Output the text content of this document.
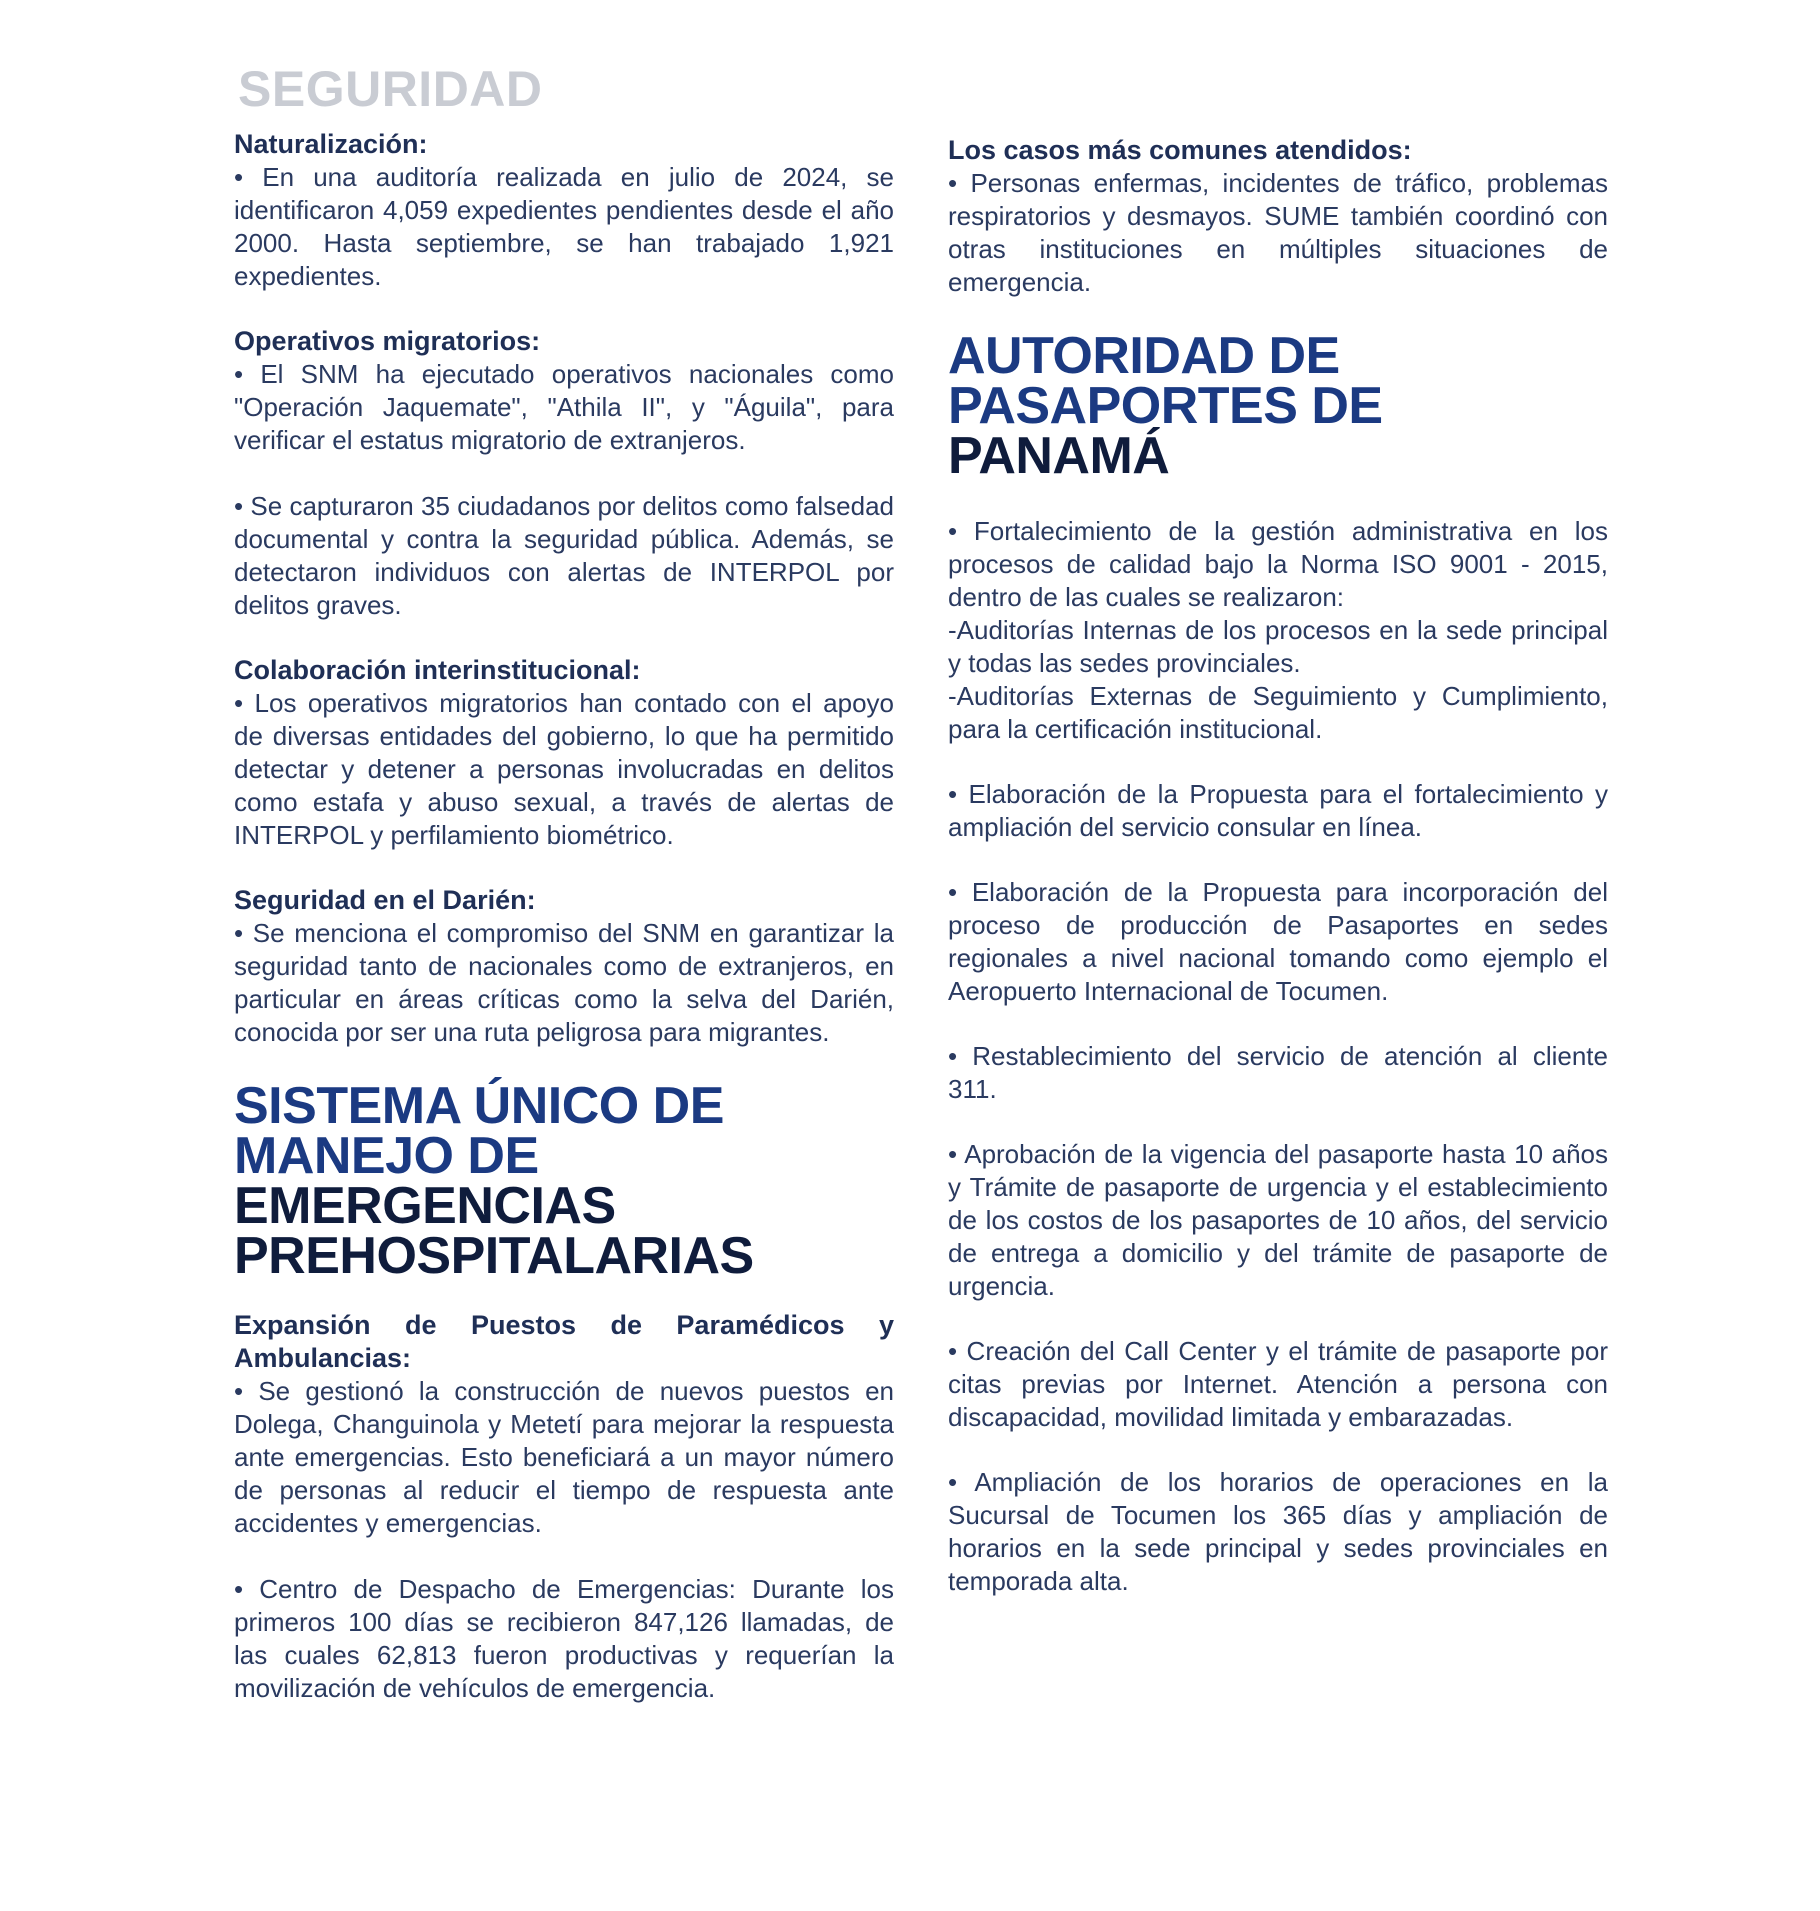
SEGURIDAD

Naturalización:

• En una auditoría realizada en julio de 2024, se identificaron 4,059 expedientes pendientes desde el año 2000. Hasta septiembre, se han trabajado 1,921 expedientes.

Operativos migratorios:

• El SNM ha ejecutado operativos nacionales como "Operación Jaquemate", "Athila II", y "Águila", para verificar el estatus migratorio de extranjeros.

• Se capturaron 35 ciudadanos por delitos como falsedad documental y contra la seguridad pública. Además, se detectaron individuos con alertas de INTERPOL por delitos graves.

Colaboración interinstitucional:

• Los operativos migratorios han contado con el apoyo de diversas entidades del gobierno, lo que ha permitido detectar y detener a personas involucradas en delitos como estafa y abuso sexual, a través de alertas de INTERPOL y perfilamiento biométrico.

Seguridad en el Darién:

• Se menciona el compromiso del SNM en garantizar la seguridad tanto de nacionales como de extranjeros, en particular en áreas críticas como la selva del Darién, conocida por ser una ruta peligrosa para migrantes.

SISTEMA ÚNICO DE
MANEJO DE
EMERGENCIAS
PREHOSPITALARIAS

Expansión de Puestos de Paramédicos y Ambulancias:

• Se gestionó la construcción de nuevos puestos en Dolega, Changuinola y Metetí para mejorar la respuesta ante emergencias. Esto beneficiará a un mayor número de personas al reducir el tiempo de respuesta ante accidentes y emergencias.

• Centro de Despacho de Emergencias: Durante los primeros 100 días se recibieron 847,126 llamadas, de las cuales 62,813 fueron productivas y requerían la movilización de vehículos de emergencia.

Los casos más comunes atendidos:

• Personas enfermas, incidentes de tráfico, problemas respiratorios y desmayos. SUME también coordinó con otras instituciones en múltiples situaciones de emergencia.

AUTORIDAD DE
PASAPORTES DE
PANAMÁ

• Fortalecimiento de la gestión administrativa en los procesos de calidad bajo la Norma ISO 9001 - 2015, dentro de las cuales se realizaron:

-Auditorías Internas de los procesos en la sede principal y todas las sedes provinciales.

-Auditorías Externas de Seguimiento y Cumplimiento, para la certificación institucional.

• Elaboración de la Propuesta para el fortalecimiento y ampliación del servicio consular en línea.

• Elaboración de la Propuesta para incorporación del proceso de producción de Pasaportes en sedes regionales a nivel nacional tomando como ejemplo el Aeropuerto Internacional de Tocumen.

• Restablecimiento del servicio de atención al cliente 311.

• Aprobación de la vigencia del pasaporte hasta 10 años y Trámite de pasaporte de urgencia y el establecimiento de los costos de los pasaportes de 10 años, del servicio de entrega a domicilio y del trámite de pasaporte de urgencia.

• Creación del Call Center y el trámite de pasaporte por citas previas por Internet. Atención a persona con discapacidad, movilidad limitada y embarazadas.

• Ampliación de los horarios de operaciones en la Sucursal de Tocumen los 365 días y ampliación de horarios en la sede principal y sedes provinciales en temporada alta.
